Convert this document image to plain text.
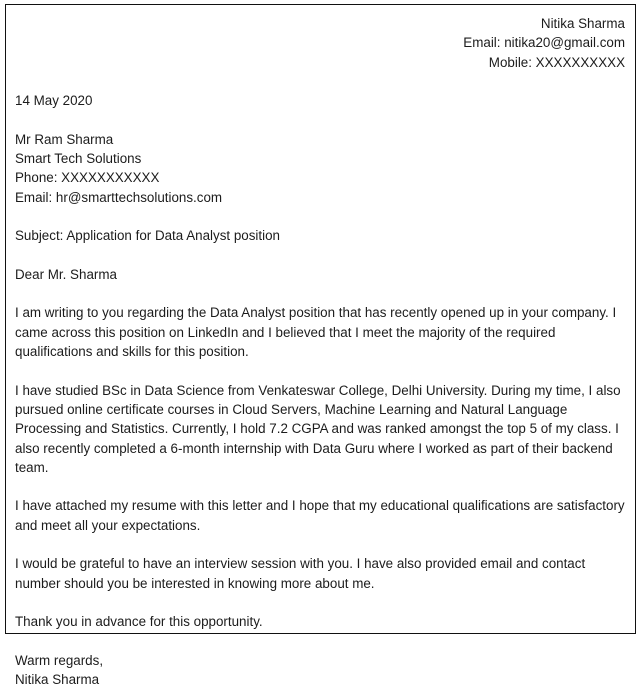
Nitika Sharma
Email: nitika20@gmail.com
Mobile: XXXXXXXXXX
14 May 2020
Mr Ram Sharma
Smart Tech Solutions
Phone: XXXXXXXXXXX
Email: hr@smarttechsolutions.com
Subject: Application for Data Analyst position
Dear Mr. Sharma

I am writing to you regarding the Data Analyst position that has recently opened up in your company. I came across this position on LinkedIn and I believed that I meet the majority of the required qualifications and skills for this position.

I have studied BSc in Data Science from Venkateswar College, Delhi University. During my time, I also pursued online certificate courses in Cloud Servers, Machine Learning and Natural Language Processing and Statistics. Currently, I hold 7.2 CGPA and was ranked amongst the top 5 of my class. I also recently completed a 6-month internship with Data Guru where I worked as part of their backend team.

I have attached my resume with this letter and I hope that my educational qualifications are satisfactory and meet all your expectations.

I would be grateful to have an interview session with you. I have also provided email and contact number should you be interested in knowing more about me.

Thank you in advance for this opportunity.

Warm regards,
Nitika Sharma
